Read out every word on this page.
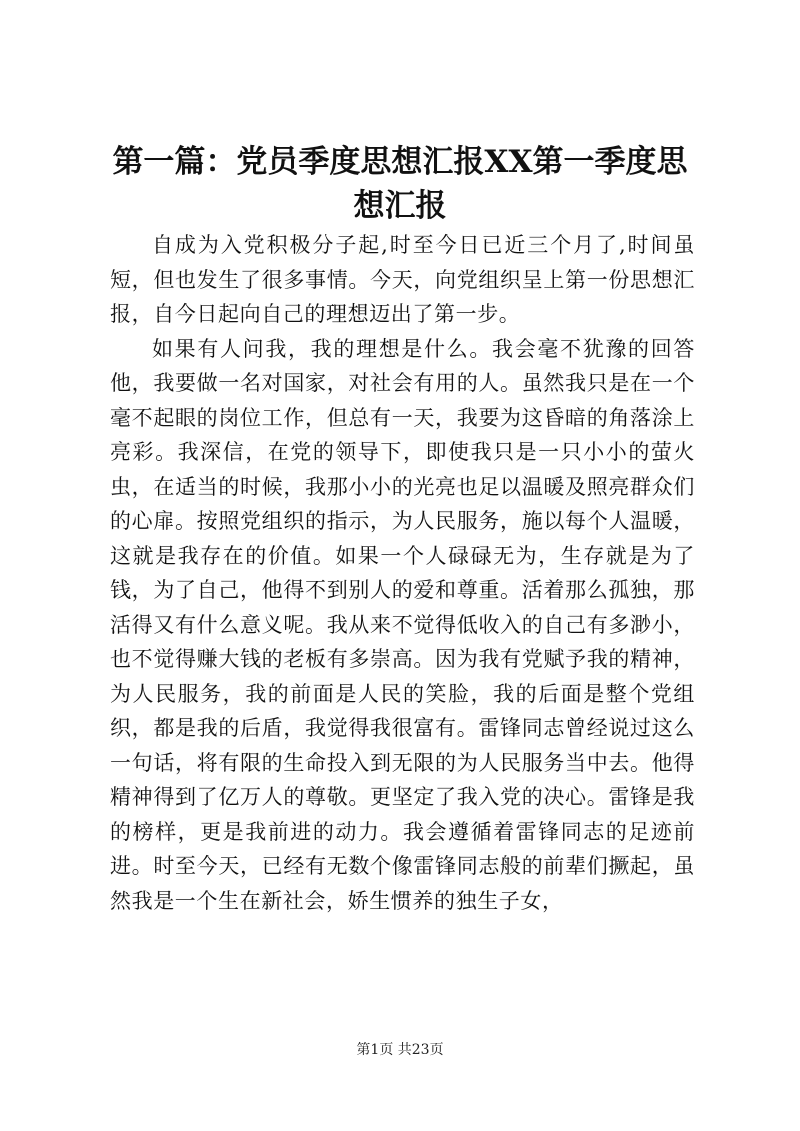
第一篇：党员季度思想汇报XX第一季度思想汇报

自成为入党积极分子起,时至今日已近三个月了,时间虽短，但也发生了很多事情。今天，向党组织呈上第一份思想汇报，自今日起向自己的理想迈出了第一步。

如果有人问我，我的理想是什么。我会毫不犹豫的回答他，我要做一名对国家，对社会有用的人。虽然我只是在一个毫不起眼的岗位工作，但总有一天，我要为这昏暗的角落涂上亮彩。我深信，在党的领导下，即使我只是一只小小的萤火虫，在适当的时候，我那小小的光亮也足以温暖及照亮群众们的心扉。按照党组织的指示，为人民服务，施以每个人温暖，这就是我存在的价值。如果一个人碌碌无为，生存就是为了钱，为了自己，他得不到别人的爱和尊重。活着那么孤独，那活得又有什么意义呢。我从来不觉得低收入的自己有多渺小，也不觉得赚大钱的老板有多崇高。因为我有党赋予我的精神，为人民服务，我的前面是人民的笑脸，我的后面是整个党组织，都是我的后盾，我觉得我很富有。雷锋同志曾经说过这么一句话，将有限的生命投入到无限的为人民服务当中去。他得精神得到了亿万人的尊敬。更坚定了我入党的决心。雷锋是我的榜样，更是我前进的动力。我会遵循着雷锋同志的足迹前进。时至今天，已经有无数个像雷锋同志般的前辈们撅起，虽然我是一个生在新社会，娇生惯养的独生子女，

第1页 共23页
